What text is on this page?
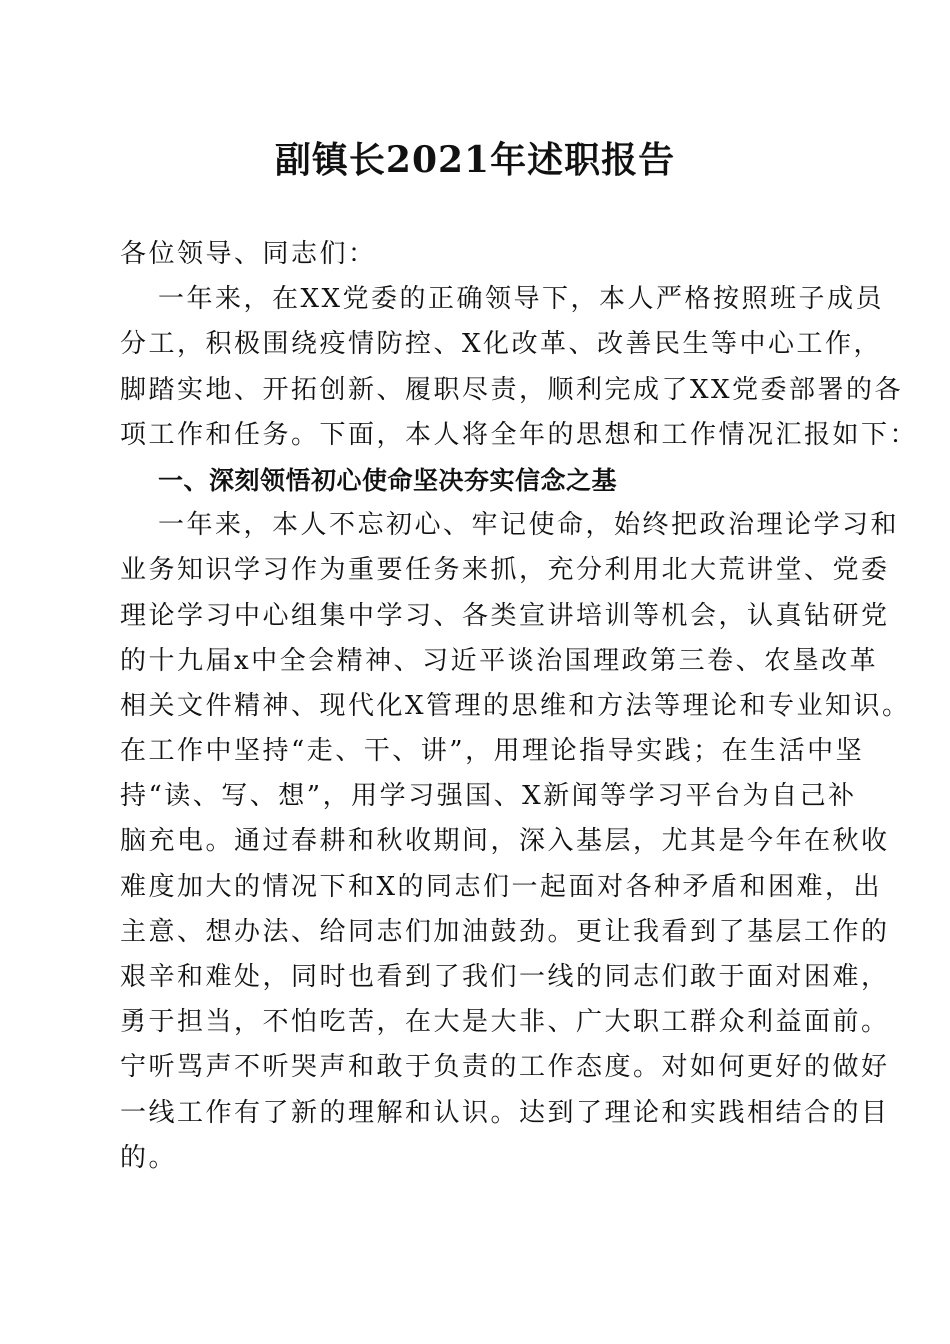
副镇长2021年述职报告
各位领导、同志们：
一年来，在XX党委的正确领导下，本人严格按照班子成员
分工，积极围绕疫情防控、X化改革、改善民生等中心工作，
脚踏实地、开拓创新、履职尽责，顺利完成了XX党委部署的各
项工作和任务。下面，本人将全年的思想和工作情况汇报如下：
一、深刻领悟初心使命坚决夯实信念之基
一年来，本人不忘初心、牢记使命，始终把政治理论学习和
业务知识学习作为重要任务来抓，充分利用北大荒讲堂、党委
理论学习中心组集中学习、各类宣讲培训等机会，认真钻研党
的十九届x中全会精神、习近平谈治国理政第三卷、农垦改革
相关文件精神、现代化X管理的思维和方法等理论和专业知识。
在工作中坚持“走、干、讲”，用理论指导实践；在生活中坚
持“读、写、想”，用学习强国、X新闻等学习平台为自己补
脑充电。通过春耕和秋收期间，深入基层，尤其是今年在秋收
难度加大的情况下和X的同志们一起面对各种矛盾和困难，出
主意、想办法、给同志们加油鼓劲。更让我看到了基层工作的
艰辛和难处，同时也看到了我们一线的同志们敢于面对困难，
勇于担当，不怕吃苦，在大是大非、广大职工群众利益面前。
宁听骂声不听哭声和敢于负责的工作态度。对如何更好的做好
一线工作有了新的理解和认识。达到了理论和实践相结合的目
的。
